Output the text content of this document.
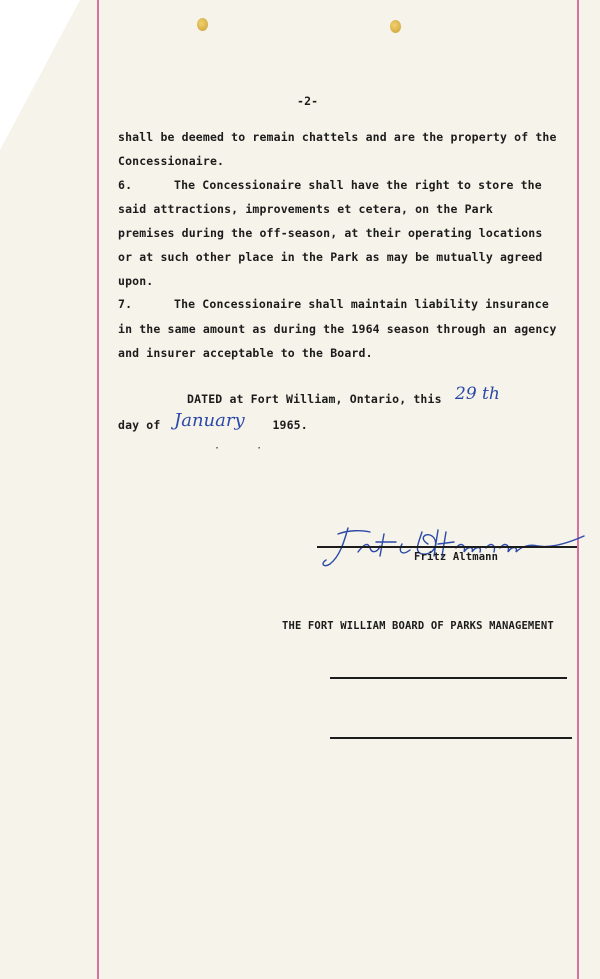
-2-
shall be deemed to remain chattels and are the property of the
Concessionaire.
6.	The Concessionaire shall have the right to store the
said attractions, improvements et cetera, on the Park
premises during the off-season, at their operating locations
or at such other place in the Park as may be mutually agreed
upon.
7.	The Concessionaire shall maintain liability insurance
in the same amount as during the 1964 season through an agency
and insurer acceptable to the Board.
DATED at Fort William, Ontario, this 29 th
day of	1965.
January
·      ·
Fritz Altmann
THE FORT WILLIAM BOARD OF PARKS MANAGEMENT
